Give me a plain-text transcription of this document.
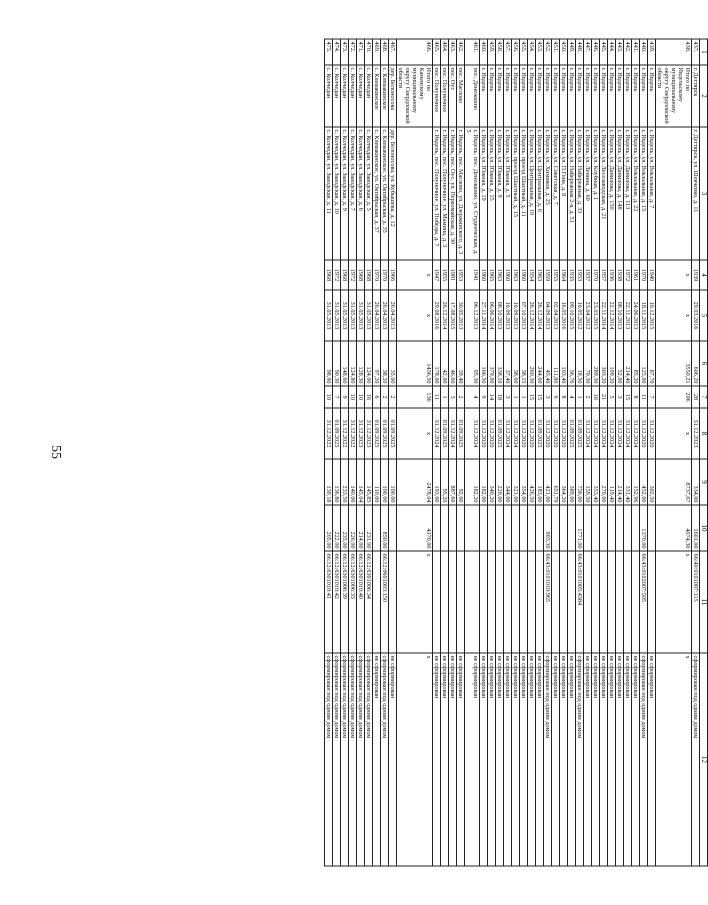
55
1	2	3	4	5	6	7	8	9	10	11	12
437.	г. Дегтярск	г. Дегтярск, ул. Шевченко, д. 11	1939	29.03.2016	606,20	28	31.12.2023	334,00	1601,00	66:40:0101007:115	сформирован под одним домом
438.	Итого по Ивдельскому муниципальному округу Свердловской области		х	х	3550,21	206	х	8737,67	4074,30	х	х
439.	г. Ивдель	г. Ивдель, ул. Вокзальная, д. 7	1940	10.12.2015	87,70	7	31.12.2020	302,50			не сформирован
440.	г. Ивдель	г. Ивдель, ул. Вокзальная, д. 15	1970	18.11.2015	125,00	11	31.12.2020	452,00	1370,00	66:43:0102007:505	сформирован под одним домом
441.	г. Ивдель	г. Ивдель, ул. Вокзальная, д. 22	1961	24.06.2013	85,20	8	31.12.2024	152,96			не сформирован
442.	г. Ивдель	г. Ивдель, ул. Данилова, д. 113	1972	22.11.2013	214,40	15	31.12.2024	331,40			не сформирован
443.	г. Ивдель	г. Ивдель, ул. Данилова, д. 148	1938	08.10.2013	52,00	3	31.12.2024	214,40			не сформирован
444.	г. Ивдель	г. Ивдель, ул. Данилова, д. 150	1936	22.12.2014	199,20	5	31.12.2024	119,40			не сформирован
445.	г. Ивдель	г. Ивдель, ул. Лесозаводская, д. 21	1957	22.11.2014	303,20	21	31.12.2024	270,00			не сформирован
446.	г. Ивдель	г. Ивдель, ул. Клубная, д. 1	1970	23.03.2015	289,30	16	31.12.2024	353,40			не сформирован
447.	г. Ивдель	г. Ивдель, ул. Ленина, д. 60	1937	23.04.2012	70,30	2	31.12.2024	159,50			не сформирован
448.	г. Ивдель	г. Ивдель, ул. Набережная, д. 33	1953	10.05.2012	18,50	1	01.09.2025	756,00	1771,00	66:43:0101005:4384	сформирован под одним домом
449.	г. Ивдель	г. Ивдель, ул. Набережная 2-я, д. 51	1935	09.10.2015	36,76	4	01.09.2025	389,00			не сформирован
450.	г. Ивдель	г. Ивдель, ул. П.Гона, д. 8	1964	16.05.2016	103,40	8	31.12.2020	364,20			не сформирован
451.	г. Ивдель	г. Ивдель, ул. Советская, д. 7	1955	02.04.2013	111,80	6	31.12.2020	651,79			не сформирован
452.	г. Ивдель	г. Ивдель, ул. Химиков, д. 25	1959	04.09.2013	45,40	3	31.12.2020	421,00	903,30	66:43:0101010:965	сформирован под одним домом
453.	г. Ивдель	г. Ивдель, ул. Центральная, д. 6	1963	26.12.2014	244,60	15	01.09.2025	183,00			не сформирован
454.	г. Ивдель	г. Ивдель, ул. Центральная, д. 10	1954	26.12.2014	260,30	15	31.12.2020	426,50			не сформирован
455.	г. Ивдель	г. Ивдель, проезд Шахтный, д. 11	1960	07.10.2013	38,15	1	31.12.2020	354,00			не сформирован
456.	г. Ивдель	г. Ивдель, проезд Шахтный, д. 15	1963	10.09.2013	38,60	1	31.12.2024	321,00			не сформирован
457.	г. Ивдель	г. Ивдель, ул. Южная, д. 5	1960	10.09.2013	37,40	3	31.12.2024	344,00			не сформирован
458.	г. Ивдель	г. Ивдель, ул. Южная, д. 9	1963	08.10.2013	338,10	18	01.09.2025	220,00			не сформирован
459.	г. Ивдель	г. Ивдель, ул. Южная, д. 15	1965	06.06.2014	379,00	14	31.12.2020	340,20			не сформирован
460.	г. Ивдель	г. Ивдель, ул. Южная, д. 19	1960	27.11.2014	166,50	9	31.12.2020	182,00			не сформирован
461.	пос. Денежкино	г. Ивдель, пос. Денежкино, ул. Студенческая, д. 5	1941	06.12.2013	95,30	4	31.12.2024	182,20			не сформирован
462.	пос. Маслово	г. Ивдель, пос. Маслово, ул. Дзержинского, д. 3	1953	30.05.2013	39,40	2	01.09.2025	92,00			не сформирован
463.	пос. Оус	г. Ивдель, пос. Оус, ул. Первомайская, д. 30	1981	17.08.2015	46,60	3	31.12.2024	887,60			не сформирован
464.	пос. Полуночное	г. Ивдель, пос. Полуночное, ул. Мамина, д. 3	1955	26.12.2014	42,00	1	01.09.2025	95,20			не сформирован
465.	пос. Полуночное	г. Ивдель, пос. Полуночное, ул. Победы, д. 7	1947	29.08.2016	178,00	11	31.12.2024	193,00			не сформирован
466.	Итого по Каменскому муниципальному округу Свердловской области		х	х	1436,50	136	х	2478,04	4370,00	х	х
467.	дер. Белоносова	дер. Белоносова, ул. Кубышева, д. 12	1966	26.04.2013	35,00	2	01.09.2025	100,00			не сформирован
468.	с. Клевакинское	с. Клевакинское, ул. Октябрьская, д. 35	1970	26.04.2013	38,20	2	01.09.2025	100,00	850,00	66:12:0601003:150	сформирован под одним домом
469.	с. Клевакинское	с. Клевакинское, ул. Октябрьская, д. 37	1970	26.04.2013	97,20	6	01.09.2025	110,00			не сформирован
470.	с. Колчедан	с. Колчедан, ул. Заводская, д. 5	1968	31.05.2013	124,00	16	31.12.2023	145,85	231,00	66:12:6301006:34	сформирован под одним домом
471.	с. Колчедан	с. Колчедан, ул. Заводская, д. 6	1968	31.05.2013	128,30	10	31.12.2023	145,04	214,00	66:12:6301010:40	сформирован под одним домом
472.	с. Колчедан	с. Колчедан, ул. Заводская, д. 7	1972	31.05.2013	124,80	10	31.12.2022	140,00	226,00	66:12:6301006:33	сформирован под одним домом
473.	с. Колчедан	с. Колчедан, ул. Заводская, д. 9	1968	31.05.2013	148,60	9	31.12.2022	233,50	235,00	66:12:6301006:39	сформирован под одним домом
474.	с. Колчедан	с. Колчедан, ул. Заводская, д. 10	1972	31.05.2013	90,30	7	01.09.2025	136,80	222,00	66:12:6301010:42	сформирован под одним домом
475.	с. Колчедан	с. Колчедан, ул. Заводская, д. 11	1968	31.05.2013	98,90	10	31.12.2022	139,18	205,00	66:12:6301010:41	сформирован под одним домом
